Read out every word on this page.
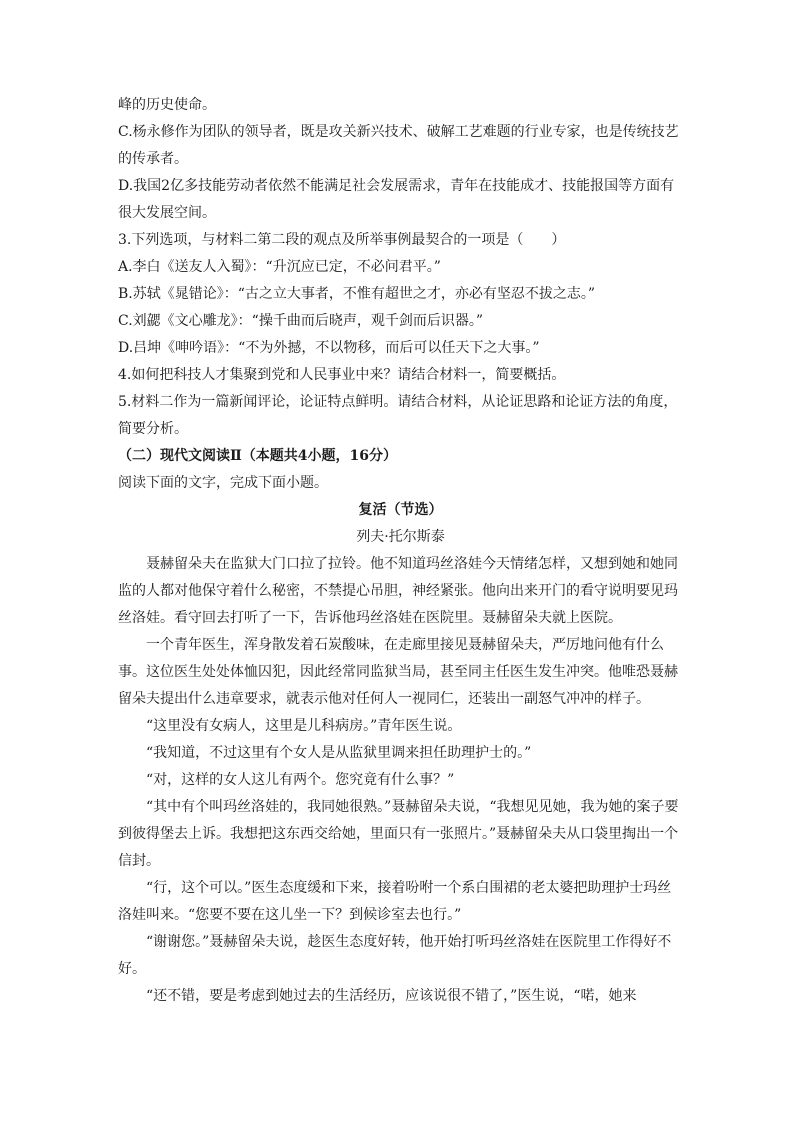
峰的历史使命。

C.杨永修作为团队的领导者，既是攻关新兴技术、破解工艺难题的行业专家，也是传统技艺的传承者。

D.我国2亿多技能劳动者依然不能满足社会发展需求，青年在技能成才、技能报国等方面有很大发展空间。

3.下列选项，与材料二第二段的观点及所举事例最契合的一项是（　　）

A.李白《送友人入蜀》：“升沉应已定，不必问君平。”

B.苏轼《晁错论》：“古之立大事者，不惟有超世之才，亦必有坚忍不拔之志。”

C.刘勰《文心雕龙》：“操千曲而后晓声，观千剑而后识器。”

D.吕坤《呻吟语》：“不为外撼，不以物移，而后可以任天下之大事。”

4.如何把科技人才集聚到党和人民事业中来？请结合材料一，简要概括。

5.材料二作为一篇新闻评论，论证特点鲜明。请结合材料，从论证思路和论证方法的角度，简要分析。

（二）现代文阅读Ⅱ（本题共4小题，16分）

阅读下面的文字，完成下面小题。

复活（节选）

列夫·托尔斯泰

聂赫留朵夫在监狱大门口拉了拉铃。他不知道玛丝洛娃今天情绪怎样，又想到她和她同监的人都对他保守着什么秘密，不禁提心吊胆，神经紧张。他向出来开门的看守说明要见玛丝洛娃。看守回去打听了一下，告诉他玛丝洛娃在医院里。聂赫留朵夫就上医院。

一个青年医生，浑身散发着石炭酸味，在走廊里接见聂赫留朵夫，严厉地问他有什么事。这位医生处处体恤囚犯，因此经常同监狱当局，甚至同主任医生发生冲突。他唯恐聂赫留朵夫提出什么违章要求，就表示他对任何人一视同仁，还装出一副怒气冲冲的样子。

“这里没有女病人，这里是儿科病房。”青年医生说。

“我知道，不过这里有个女人是从监狱里调来担任助理护士的。”

“对，这样的女人这儿有两个。您究竟有什么事？”

“其中有个叫玛丝洛娃的，我同她很熟。”聂赫留朵夫说，“我想见见她，我为她的案子要到彼得堡去上诉。我想把这东西交给她，里面只有一张照片。”聂赫留朵夫从口袋里掏出一个信封。

“行，这个可以。”医生态度缓和下来，接着吩咐一个系白围裙的老太婆把助理护士玛丝洛娃叫来。“您要不要在这儿坐一下？到候诊室去也行。”

“谢谢您。”聂赫留朵夫说，趁医生态度好转，他开始打听玛丝洛娃在医院里工作得好不好。

“还不错，要是考虑到她过去的生活经历，应该说很不错了，”医生说，“喏，她来
